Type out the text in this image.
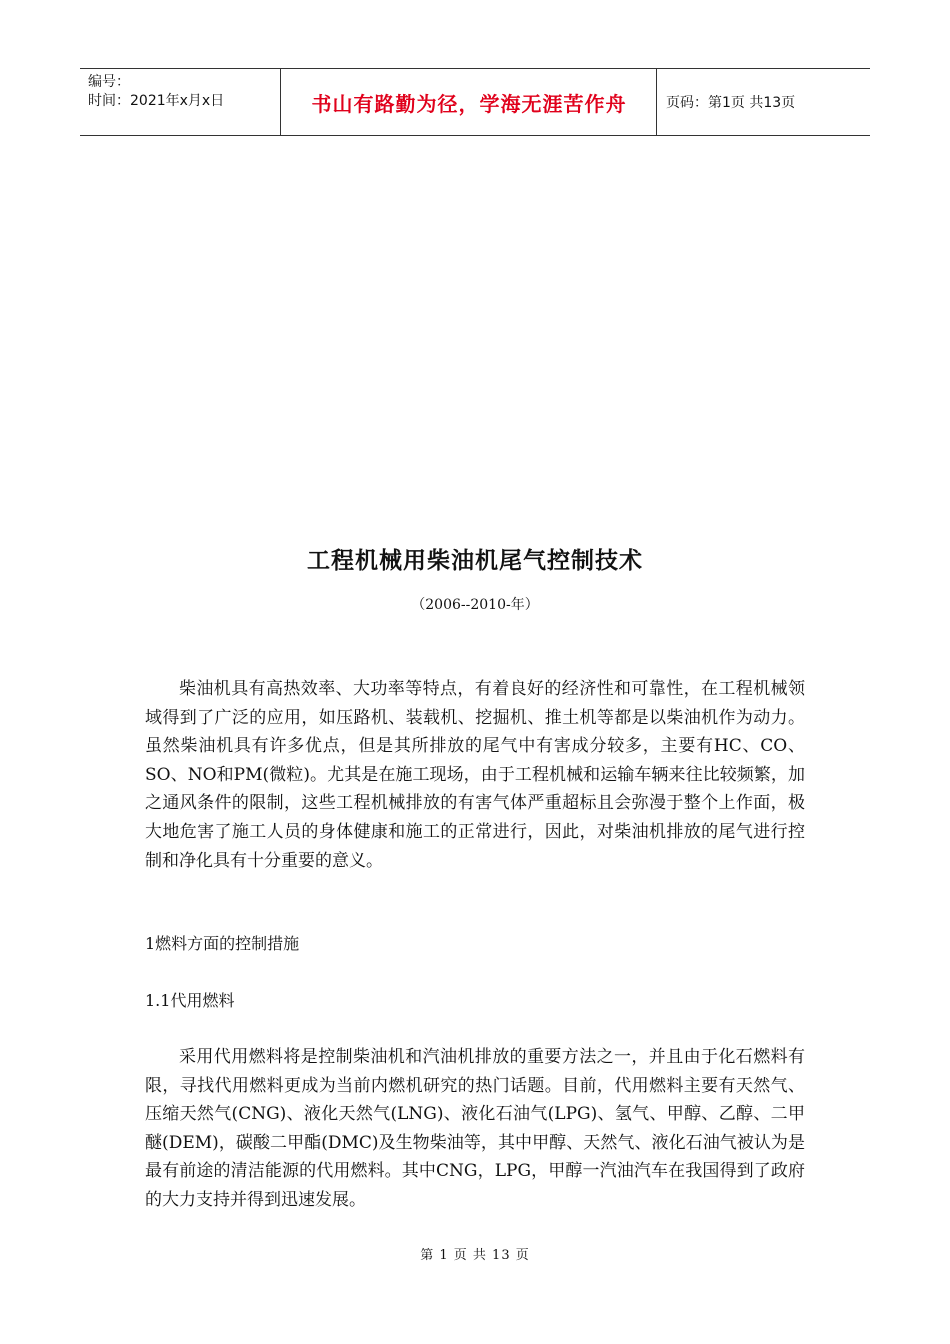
编号：
时间：2021年x月x日	书山有路勤为径，学海无涯苦作舟	页码：第1页 共13页
工程机械用柴油机尾气控制技术
（2006--2010-年）

柴油机具有高热效率、大功率等特点，有着良好的经济性和可靠性，在工程机械领域得到了广泛的应用，如压路机、装载机、挖掘机、推土机等都是以柴油机作为动力。虽然柴油机具有许多优点，但是其所排放的尾气中有害成分较多，主要有HC、CO、SO、NO和PM(微粒)。尤其是在施工现场，由于工程机械和运输车辆来往比较频繁，加之通风条件的限制，这些工程机械排放的有害气体严重超标且会弥漫于整个上作面，极大地危害了施工人员的身体健康和施工的正常进行，因此，对柴油机排放的尾气进行控制和净化具有十分重要的意义。

1燃料方面的控制措施

1.1代用燃料

采用代用燃料将是控制柴油机和汽油机排放的重要方法之一，并且由于化石燃料有限，寻找代用燃料更成为当前内燃机研究的热门话题。目前，代用燃料主要有天然气、压缩天然气(CNG)、液化天然气(LNG)、液化石油气(LPG)、氢气、甲醇、乙醇、二甲醚(DEM)，碳酸二甲酯(DMC)及生物柴油等，其中甲醇、天然气、液化石油气被认为是最有前途的清洁能源的代用燃料。其中CNG，LPG，甲醇一汽油汽车在我国得到了政府的大力支持并得到迅速发展。

第 1 页 共 13 页
